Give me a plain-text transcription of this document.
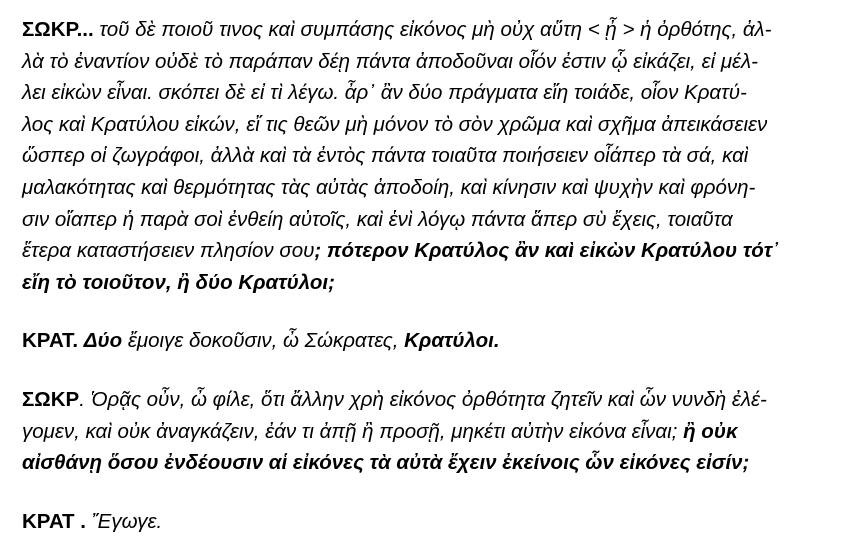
ΣΩΚΡ... τοῦ δὲ ποιοῦ τινος καὶ συμπάσης εἰκόνος μὴ οὐχ αὕτη < ᾖ > ἡ ὀρθότης, ἀλ-
λὰ τὸ ἐναντίον οὐδὲ τὸ παράπαν δέῃ πάντα ἀποδοῦναι οἷόν ἐστιν ᾧ εἰκάζει, εἰ μέλ-
λει εἰκὼν εἶναι. σκόπει δὲ εἰ τὶ λέγω. ἆρ᾽ ἂν δύο πράγματα εἴη τοιάδε, οἷον Κρατύ-
λος καὶ Κρατύλου εἰκών, εἴ τις θεῶν μὴ μόνον τὸ σὸν χρῶμα καὶ σχῆμα ἀπεικάσειεν
ὥσπερ οἱ ζωγράφοι, ἀλλὰ καὶ τὰ ἐντὸς πάντα τοιαῦτα ποιήσειεν οἷάπερ τὰ σά, καὶ
μαλακότητας καὶ θερμότητας τὰς αὐτὰς ἀποδοίη, καὶ κίνησιν καὶ ψυχὴν καὶ φρόνη-
σιν οἵαπερ ἡ παρὰ σοὶ ἐνθείη αὐτοῖς, καὶ ἑνὶ λόγῳ πάντα ἅπερ σὺ ἔχεις, τοιαῦτα
ἕτερα καταστήσειεν πλησίον σου; πότερον Κρατύλος ἂν καὶ εἰκὼν Κρατύλου τότ᾽
εἴη τὸ τοιοῦτον, ἢ δύο Κρατύλοι;
ΚΡΑΤ. Δύο ἔμοιγε δοκοῦσιν, ὦ Σώκρατες, Κρατύλοι.
ΣΩΚΡ. Ὁρᾷς οὖν, ὦ φίλε, ὅτι ἄλλην χρὴ εἰκόνος ὀρθότητα ζητεῖν καὶ ὧν νυνδὴ ἐλέ-
γομεν, καὶ οὐκ ἀναγκάζειν, ἐάν τι ἀπῇ ἢ προσῇ, μηκέτι αὐτὴν εἰκόνα εἶναι; ἢ οὐκ
αἰσθάνῃ ὅσου ἐνδέουσιν αἱ εἰκόνες τὰ αὐτὰ ἔχειν ἐκείνοις ὧν εἰκόνες εἰσίν;
ΚΡΑΤ . Ἔγωγε.
